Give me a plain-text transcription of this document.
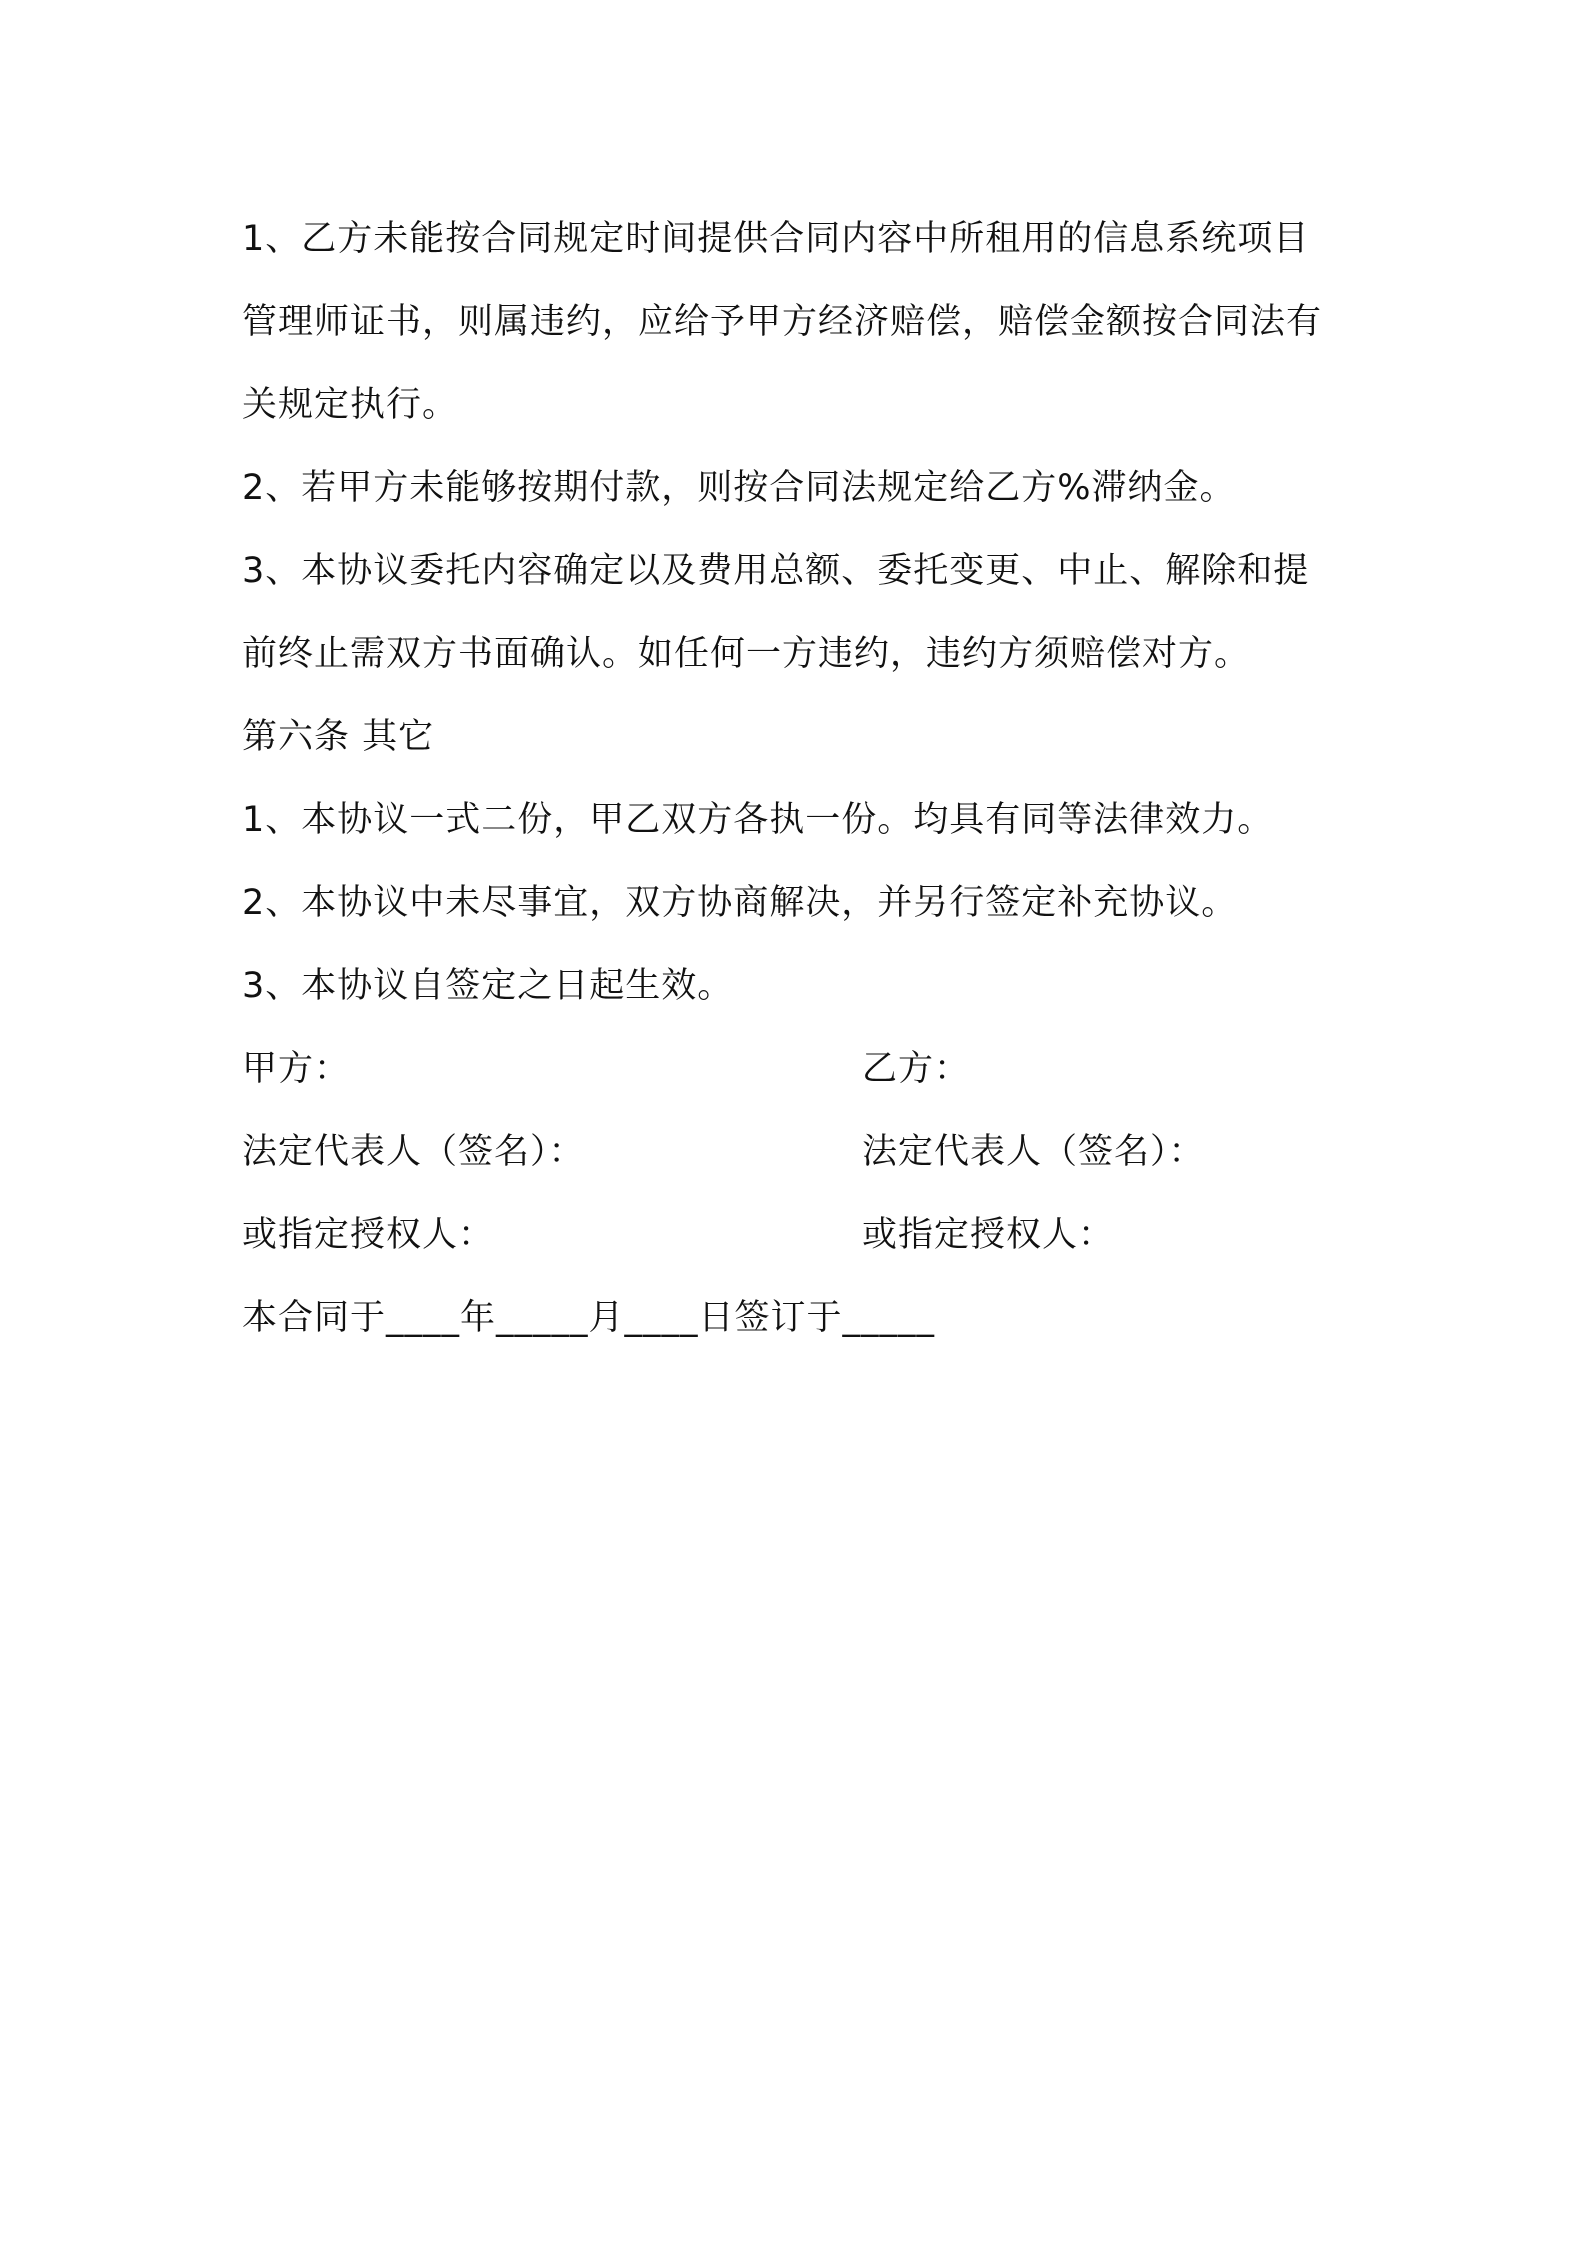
1、乙方未能按合同规定时间提供合同内容中所租用的信息系统项目
管理师证书，则属违约，应给予甲方经济赔偿，赔偿金额按合同法有
关规定执行。
2、若甲方未能够按期付款，则按合同法规定给乙方%滞纳金。
3、本协议委托内容确定以及费用总额、委托变更、中止、解除和提
前终止需双方书面确认。如任何一方违约，违约方须赔偿对方。
第六条 其它
1、本协议一式二份，甲乙双方各执一份。均具有同等法律效力。
2、本协议中未尽事宜，双方协商解决，并另行签定补充协议。
3、本协议自签定之日起生效。
甲方：	乙方：
法定代表人（签名）：	法定代表人（签名）：
或指定授权人：	或指定授权人：
本合同于____年_____月____日签订于_____
